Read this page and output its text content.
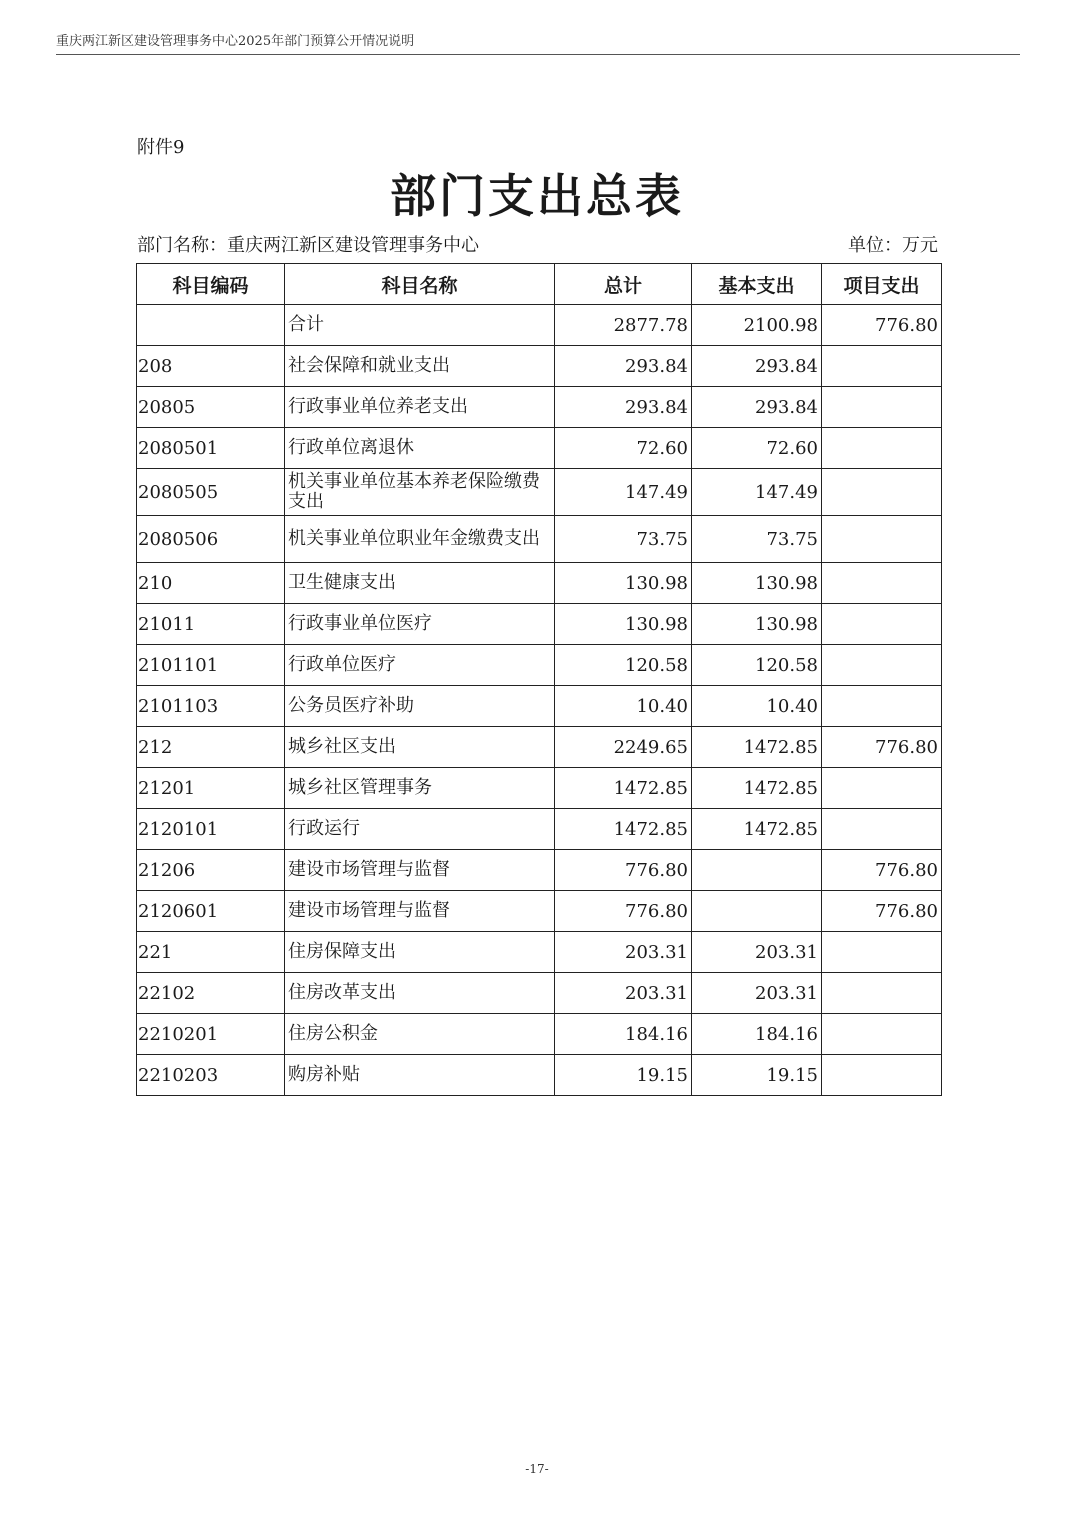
重庆两江新区建设管理事务中心2025年部门预算公开情况说明
附件9
部门支出总表
部门名称：重庆两江新区建设管理事务中心	单位：万元
科目编码	科目名称	总计	基本支出	项目支出
	合计	2877.78	2100.98	776.80
208	社会保障和就业支出	293.84	293.84	
20805	行政事业单位养老支出	293.84	293.84	
2080501	行政单位离退休	72.60	72.60	
2080505	机关事业单位基本养老保险缴费支出	147.49	147.49	
2080506	机关事业单位职业年金缴费支出	73.75	73.75	
210	卫生健康支出	130.98	130.98	
21011	行政事业单位医疗	130.98	130.98	
2101101	行政单位医疗	120.58	120.58	
2101103	公务员医疗补助	10.40	10.40	
212	城乡社区支出	2249.65	1472.85	776.80
21201	城乡社区管理事务	1472.85	1472.85	
2120101	行政运行	1472.85	1472.85	
21206	建设市场管理与监督	776.80		776.80
2120601	建设市场管理与监督	776.80		776.80
221	住房保障支出	203.31	203.31	
22102	住房改革支出	203.31	203.31	
2210201	住房公积金	184.16	184.16	
2210203	购房补贴	19.15	19.15	
-17-
